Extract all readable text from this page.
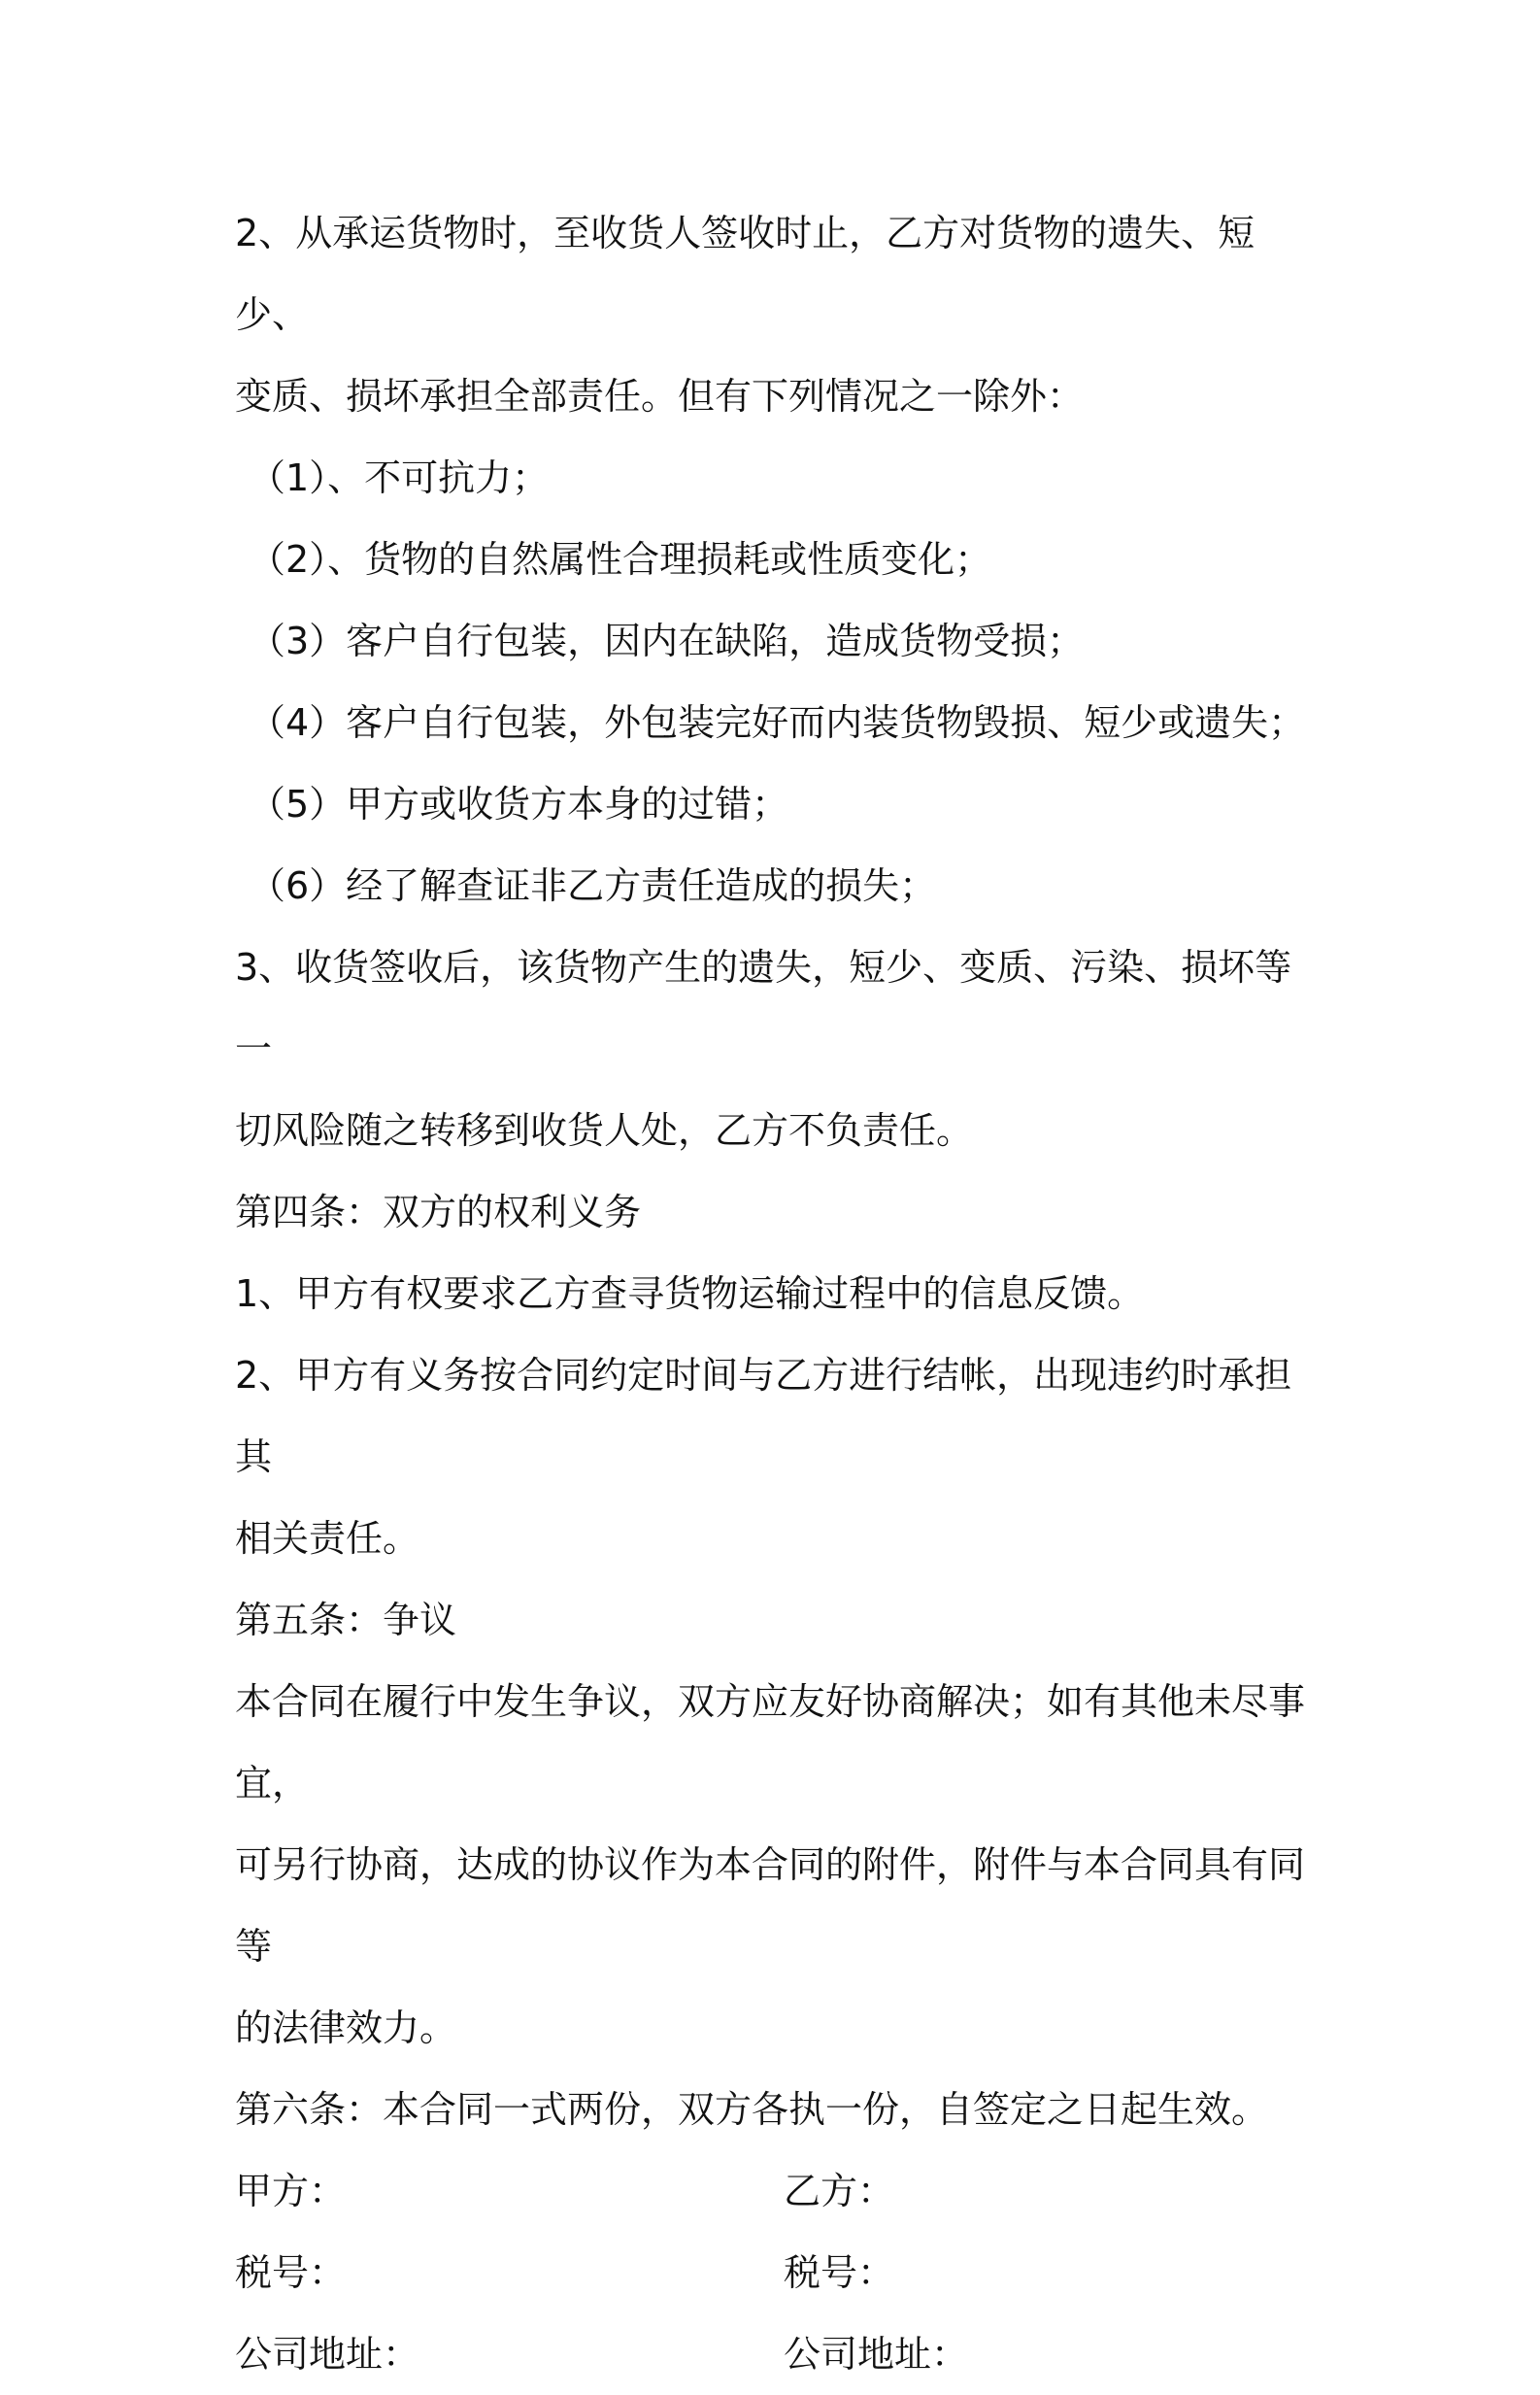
2、从承运货物时，至收货人签收时止，乙方对货物的遗失、短少、

变质、损坏承担全部责任。但有下列情况之一除外：

（1）、不可抗力；

（2）、货物的自然属性合理损耗或性质变化；

（3）客户自行包装，因内在缺陷，造成货物受损；

（4）客户自行包装，外包装完好而内装货物毁损、短少或遗失；

（5）甲方或收货方本身的过错；

（6）经了解查证非乙方责任造成的损失；

3、收货签收后，该货物产生的遗失，短少、变质、污染、损坏等一

切风险随之转移到收货人处，乙方不负责任。

第四条：双方的权利义务

1、甲方有权要求乙方查寻货物运输过程中的信息反馈。

2、甲方有义务按合同约定时间与乙方进行结帐，出现违约时承担其

相关责任。

第五条：争议

本合同在履行中发生争议，双方应友好协商解决；如有其他未尽事宜，

可另行协商，达成的协议作为本合同的附件，附件与本合同具有同等

的法律效力。

第六条：本合同一式两份，双方各执一份，自签定之日起生效。

甲方：	乙方：
税号：	税号：
公司地址：	公司地址：
